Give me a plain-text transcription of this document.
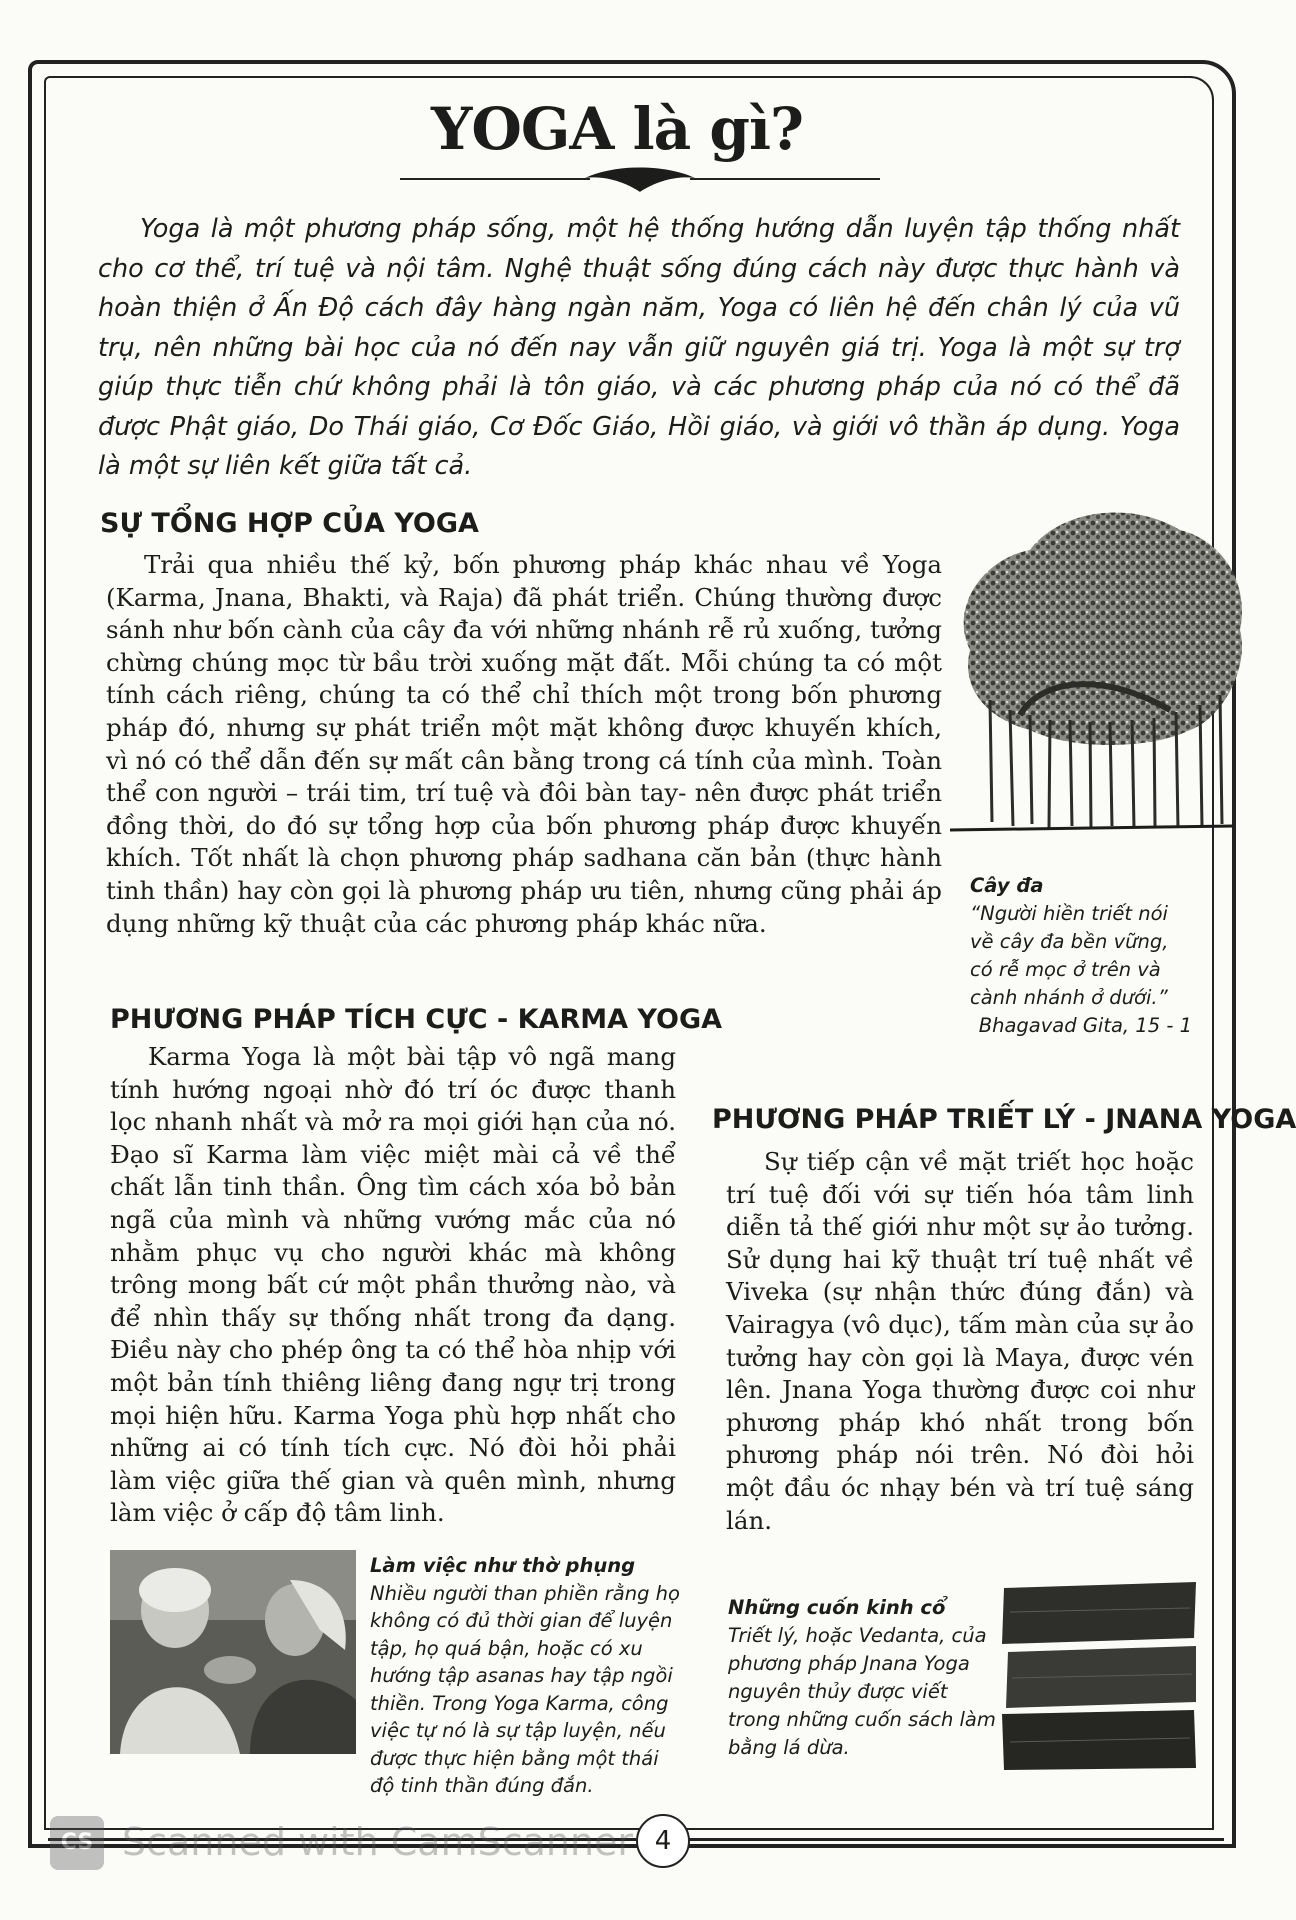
YOGA là gì?

Yoga là một phương pháp sống, một hệ thống hướng dẫn luyện tập thống nhất cho cơ thể, trí tuệ và nội tâm. Nghệ thuật sống đúng cách này được thực hành và hoàn thiện ở Ấn Độ cách đây hàng ngàn năm, Yoga có liên hệ đến chân lý của vũ trụ, nên những bài học của nó đến nay vẫn giữ nguyên giá trị. Yoga là một sự trợ giúp thực tiễn chứ không phải là tôn giáo, và các phương pháp của nó có thể đã được Phật giáo, Do Thái giáo, Cơ Đốc Giáo, Hồi giáo, và giới vô thần áp dụng. Yoga là một sự liên kết giữa tất cả.

SỰ TỔNG HỢP CỦA YOGA

Trải qua nhiều thế kỷ, bốn phương pháp khác nhau về Yoga (Karma, Jnana, Bhakti, và Raja) đã phát triển. Chúng thường được sánh như bốn cành của cây đa với những nhánh rễ rủ xuống, tưởng chừng chúng mọc từ bầu trời xuống mặt đất. Mỗi chúng ta có một tính cách riêng, chúng ta có thể chỉ thích một trong bốn phương pháp đó, nhưng sự phát triển một mặt không được khuyến khích, vì nó có thể dẫn đến sự mất cân bằng trong cá tính của mình. Toàn thể con người – trái tim, trí tuệ và đôi bàn tay- nên được phát triển đồng thời, do đó sự tổng hợp của bốn phương pháp được khuyến khích. Tốt nhất là chọn phương pháp sadhana căn bản (thực hành tinh thần) hay còn gọi là phương pháp ưu tiên, nhưng cũng phải áp dụng những kỹ thuật của các phương pháp khác nữa.

Cây đa
“Người hiền triết nói về cây đa bền vững, có rễ mọc ở trên và cành nhánh ở dưới.”
Bhagavad Gita, 15 - 1
PHƯƠNG PHÁP TÍCH CỰC - KARMA YOGA

Karma Yoga là một bài tập vô ngã mang tính hướng ngoại nhờ đó trí óc được thanh lọc nhanh nhất và mở ra mọi giới hạn của nó. Đạo sĩ Karma làm việc miệt mài cả về thể chất lẫn tinh thần. Ông tìm cách xóa bỏ bản ngã của mình và những vướng mắc của nó nhằm phục vụ cho người khác mà không trông mong bất cứ một phần thưởng nào, và để nhìn thấy sự thống nhất trong đa dạng. Điều này cho phép ông ta có thể hòa nhịp với một bản tính thiêng liêng đang ngự trị trong mọi hiện hữu. Karma Yoga phù hợp nhất cho những ai có tính tích cực. Nó đòi hỏi phải làm việc giữa thế gian và quên mình, nhưng làm việc ở cấp độ tâm linh.

Làm việc như thờ phụng
Nhiều người than phiền rằng họ không có đủ thời gian để luyện tập, họ quá bận, hoặc có xu hướng tập asanas hay tập ngồi thiền. Trong Yoga Karma, công việc tự nó là sự tập luyện, nếu được thực hiện bằng một thái độ tinh thần đúng đắn.
PHƯƠNG PHÁP TRIẾT LÝ - JNANA YOGA

Sự tiếp cận về mặt triết học hoặc trí tuệ đối với sự tiến hóa tâm linh diễn tả thế giới như một sự ảo tưởng. Sử dụng hai kỹ thuật trí tuệ nhất về Viveka (sự nhận thức đúng đắn) và Vairagya (vô dục), tấm màn của sự ảo tưởng hay còn gọi là Maya, được vén lên. Jnana Yoga thường được coi như phương pháp khó nhất trong bốn phương pháp nói trên. Nó đòi hỏi một đầu óc nhạy bén và trí tuệ sáng lán.

Những cuốn kinh cổ
Triết lý, hoặc Vedanta, của phương pháp Jnana Yoga nguyên thủy được viết trong những cuốn sách làm bằng lá dừa.
4
CS Scanned with CamScanner
